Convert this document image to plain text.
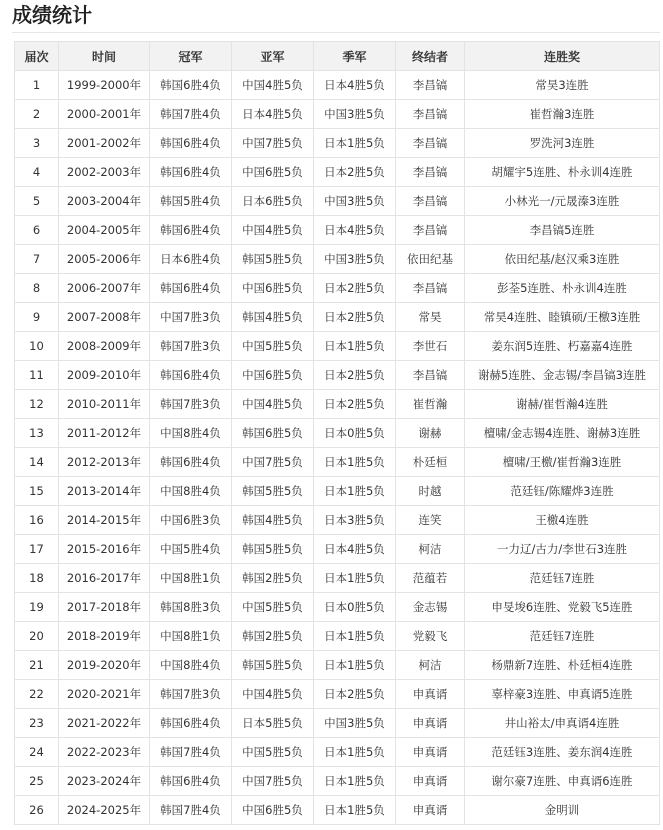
成绩统计
届次	时间	冠军	亚军	季军	终结者	连胜奖
1	1999-2000年	韩国6胜4负	中国4胜5负	日本4胜5负	李昌镐	常昊3连胜
2	2000-2001年	韩国7胜4负	日本4胜5负	中国3胜5负	李昌镐	崔哲瀚3连胜
3	2001-2002年	韩国6胜4负	中国7胜5负	日本1胜5负	李昌镐	罗洗河3连胜
4	2002-2003年	韩国6胜4负	中国6胜5负	日本2胜5负	李昌镐	胡耀宇5连胜、朴永训4连胜
5	2003-2004年	韩国5胜4负	日本6胜5负	中国3胜5负	李昌镐	小林光一/元晟溱3连胜
6	2004-2005年	韩国6胜4负	中国4胜5负	日本4胜5负	李昌镐	李昌镐5连胜
7	2005-2006年	日本6胜4负	韩国5胜5负	中国3胜5负	依田纪基	依田纪基/赵汉乘3连胜
8	2006-2007年	韩国6胜4负	中国6胜5负	日本2胜5负	李昌镐	彭荃5连胜、朴永训4连胜
9	2007-2008年	中国7胜3负	韩国4胜5负	日本2胜5负	常昊	常昊4连胜、睦镇硕/王檄3连胜
10	2008-2009年	韩国7胜3负	中国5胜5负	日本1胜5负	李世石	姜东润5连胜、朽嘉嘉4连胜
11	2009-2010年	韩国6胜4负	中国6胜5负	日本2胜5负	李昌镐	谢赫5连胜、金志锡/李昌镐3连胜
12	2010-2011年	韩国7胜3负	中国4胜5负	日本2胜5负	崔哲瀚	谢赫/崔哲瀚4连胜
13	2011-2012年	中国8胜4负	韩国6胜5负	日本0胜5负	谢赫	檀啸/金志锡4连胜、谢赫3连胜
14	2012-2013年	韩国6胜4负	中国7胜5负	日本1胜5负	朴廷桓	檀啸/王檄/崔哲瀚3连胜
15	2013-2014年	中国8胜4负	韩国5胜5负	日本1胜5负	时越	范廷钰/陈耀烨3连胜
16	2014-2015年	中国6胜3负	韩国4胜5负	日本3胜5负	连笑	王檄4连胜
17	2015-2016年	中国5胜4负	韩国5胜5负	日本4胜5负	柯洁	一力辽/古力/李世石3连胜
18	2016-2017年	中国8胜1负	韩国2胜5负	日本1胜5负	范蕴若	范廷钰7连胜
19	2017-2018年	韩国8胜3负	中国5胜5负	日本0胜5负	金志锡	申旻埈6连胜、党毅飞5连胜
20	2018-2019年	中国8胜1负	韩国2胜5负	日本1胜5负	党毅飞	范廷钰7连胜
21	2019-2020年	中国8胜4负	韩国5胜5负	日本1胜5负	柯洁	杨鼎新7连胜、朴廷桓4连胜
22	2020-2021年	韩国7胜3负	中国4胜5负	日本2胜5负	申真谞	辜梓豪3连胜、申真谞5连胜
23	2021-2022年	韩国6胜4负	日本5胜5负	中国3胜5负	申真谞	井山裕太/申真谞4连胜
24	2022-2023年	韩国7胜4负	中国5胜5负	日本1胜5负	申真谞	范廷钰3连胜、姜东润4连胜
25	2023-2024年	韩国6胜4负	中国7胜5负	日本1胜5负	申真谞	谢尔豪7连胜、申真谞6连胜
26	2024-2025年	韩国7胜4负	中国6胜5负	日本1胜5负	申真谞	金明训
